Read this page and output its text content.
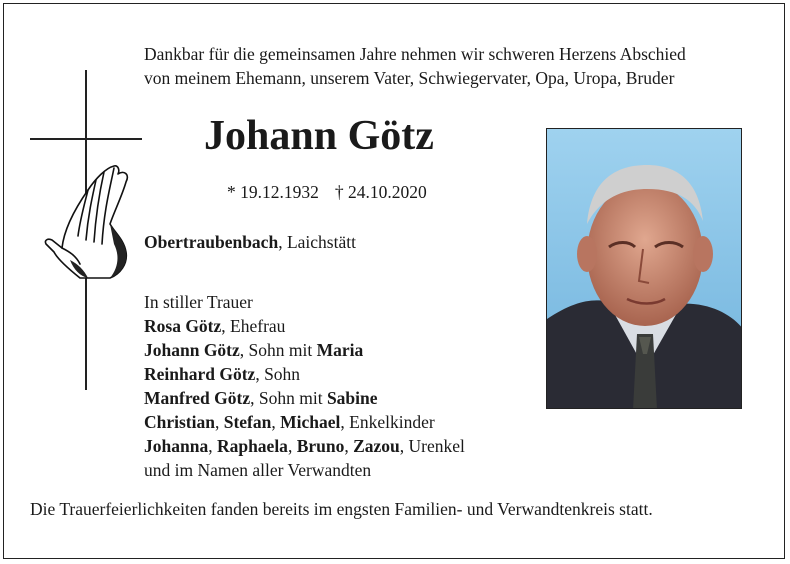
Dankbar für die gemeinsamen Jahre nehmen wir schweren Herzens Abschied
von meinem Ehemann, unserem Vater, Schwiegervater, Opa, Uropa, Bruder
Johann Götz
* 19.12.1932 † 24.10.2020
Obertraubenbach, Laichstätt
In stiller Trauer
Rosa Götz, Ehefrau
Johann Götz, Sohn mit Maria
Reinhard Götz, Sohn
Manfred Götz, Sohn mit Sabine
Christian, Stefan, Michael, Enkelkinder
Johanna, Raphaela, Bruno, Zazou, Urenkel
und im Namen aller Verwandten
Die Trauerfeierlichkeiten fanden bereits im engsten Familien- und Verwandtenkreis statt.
